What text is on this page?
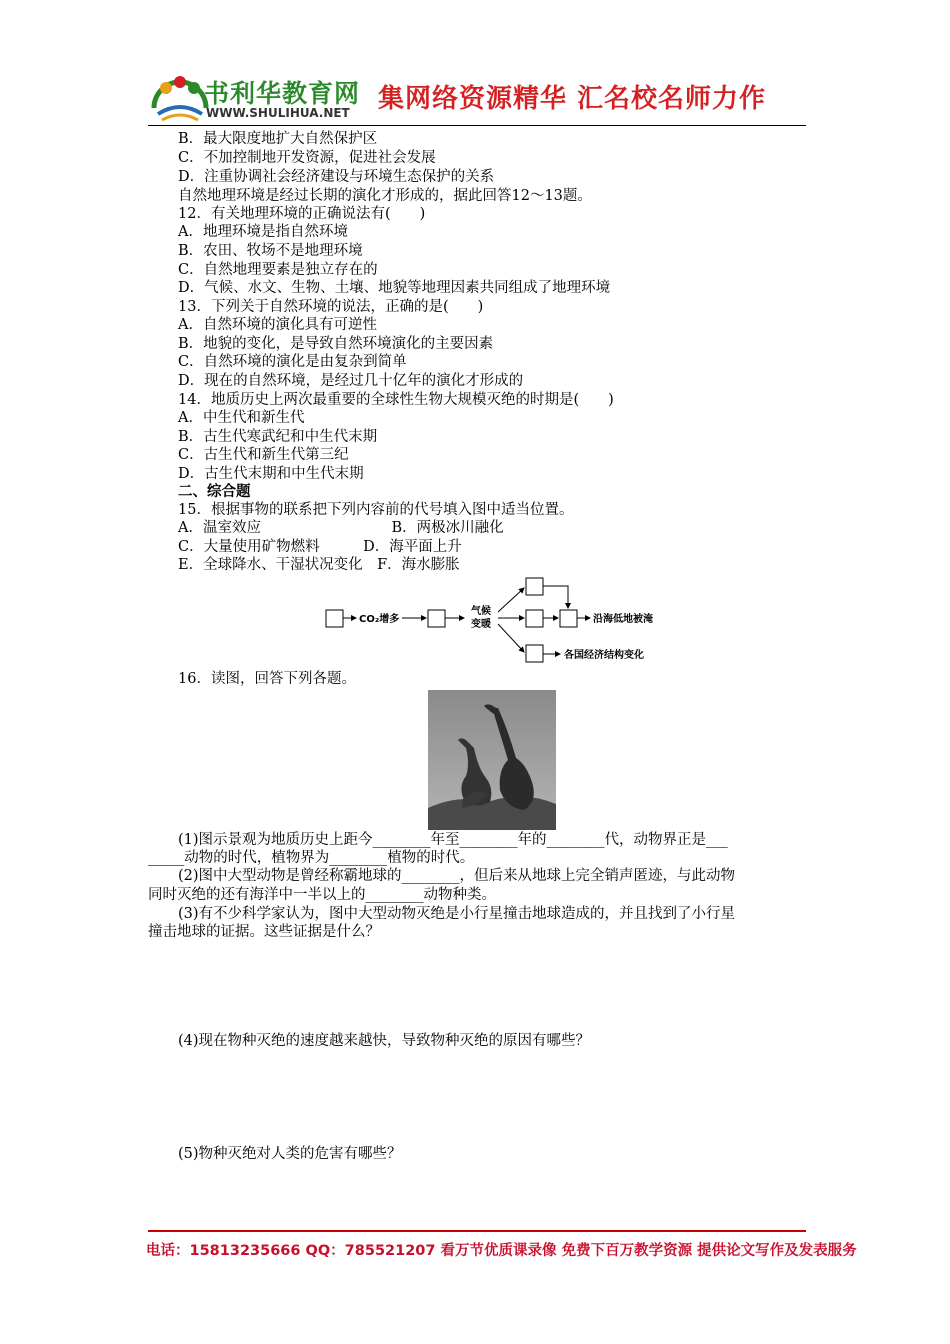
书利华教育网
WWW.SHULIHUA.NET 集网络资源精华 汇名校名师力作
B．最大限度地扩大自然保护区
C．不加控制地开发资源，促进社会发展
D．注重协调社会经济建设与环境生态保护的关系
自然地理环境是经过长期的演化才形成的，据此回答12～13题。
12．有关地理环境的正确说法有(　　)
A．地理环境是指自然环境
B．农田、牧场不是地理环境
C．自然地理要素是独立存在的
D．气候、水文、生物、土壤、地貌等地理因素共同组成了地理环境
13．下列关于自然环境的说法，正确的是(　　)
A．自然环境的演化具有可逆性
B．地貌的变化，是导致自然环境演化的主要因素
C．自然环境的演化是由复杂到简单
D．现在的自然环境，是经过几十亿年的演化才形成的
14．地质历史上两次最重要的全球性生物大规模灭绝的时期是(　　)
A．中生代和新生代
B．古生代寒武纪和中生代末期
C．古生代和新生代第三纪
D．古生代末期和中生代末期
二、综合题
15．根据事物的联系把下列内容前的代号填入图中适当位置。
A．温室效应　　　　　　　　　B．两极冰川融化
C．大量使用矿物燃料　　　D．海平面上升
E．全球降水、干湿状况变化　F．海水膨胀
CO₂增多
气候
变暖	沿海低地被淹
各国经济结构变化
16．读图，回答下列各题。
(1)图示景观为地质历史上距今________年至________年的________代，动物界正是___
_____动物的时代，植物界为________植物的时代。
(2)图中大型动物是曾经称霸地球的________，但后来从地球上完全销声匿迹，与此动物
同时灭绝的还有海洋中一半以上的________动物种类。
(3)有不少科学家认为，图中大型动物灭绝是小行星撞击地球造成的，并且找到了小行星
撞击地球的证据。这些证据是什么？
(4)现在物种灭绝的速度越来越快，导致物种灭绝的原因有哪些？
(5)物种灭绝对人类的危害有哪些？
电话：15813235666 QQ：785521207 看万节优质课录像 免费下百万教学资源 提供论文写作及发表服务
